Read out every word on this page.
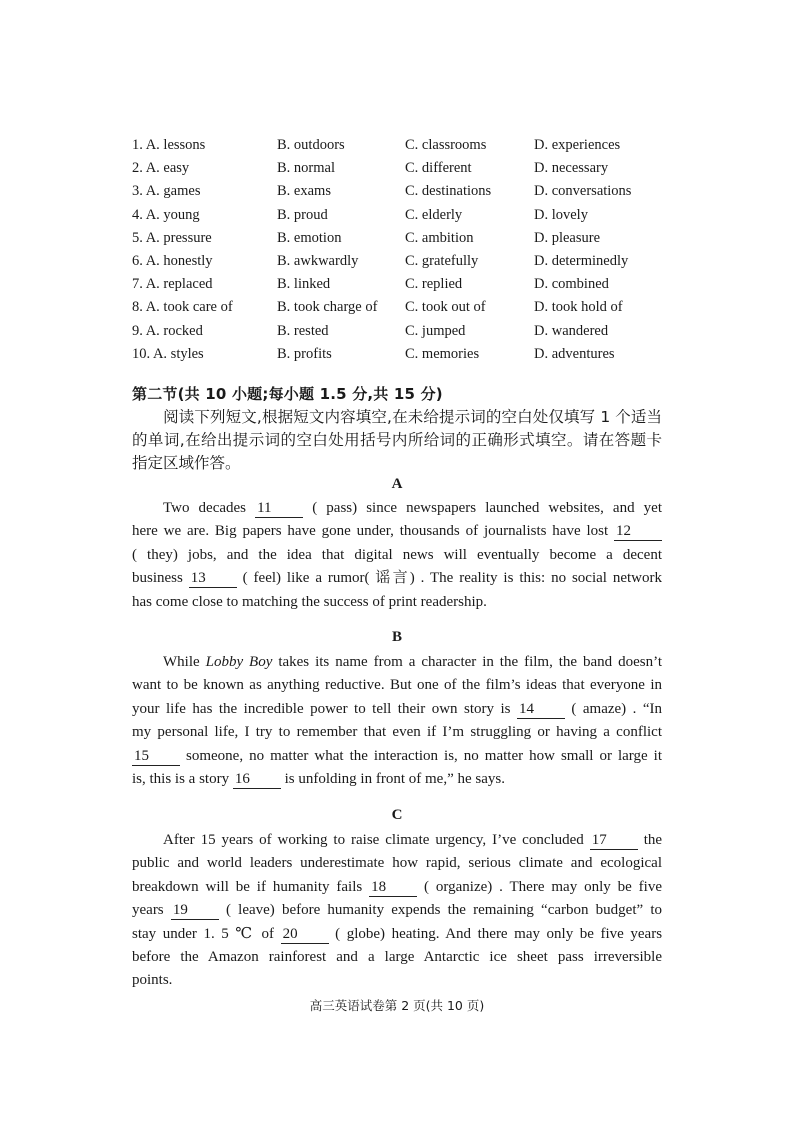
1. A. lessons	B. outdoors	C. classrooms	D. experiences
2. A. easy	B. normal	C. different	D. necessary
3. A. games	B. exams	C. destinations	D. conversations
4. A. young	B. proud	C. elderly	D. lovely
5. A. pressure	B. emotion	C. ambition	D. pleasure
6. A. honestly	B. awkwardly	C. gratefully	D. determinedly
7. A. replaced	B. linked	C. replied	D. combined
8. A. took care of	B. took charge of C. took out of	D. took hold of
9. A. rocked	B. rested	C. jumped	D. wandered
10. A. styles	B. profits	C. memories	D. adventures
第二节(共 10 小题;每小题 1.5 分,共 15 分)
阅读下列短文,根据短文内容填空,在未给提示词的空白处仅填写 1 个适当的单词,在给出提示词的空白处用括号内所给词的正确形式填空。请在答题卡指定区域作答。
A
Two decades 11	( pass) since newspapers launched websites, and yet
here we are. Big papers have gone under, thousands of journalists have lost 12
( they) jobs, and the idea that digital news will eventually become a decent
business 13 ( feel) like a rumor( 谣言) . The reality is this: no social network
has come close to matching the success of print readership.
B
While Lobby Boy takes its name from a character in the film, the band doesn’t
want to be known as anything reductive. But one of the film’s ideas that everyone in
your life has the incredible power to tell their own story is 14 ( amaze) . “In
my personal life, I try to remember that even if I’m struggling or having a conflict
15 someone, no matter what the interaction is, no matter how small or large it
is, this is a story 16 is unfolding in front of me,” he says.
C
After 15 years of working to raise climate urgency, I’ve concluded 17 the
public and world leaders underestimate how rapid, serious climate and ecological
breakdown will be if humanity fails 18	( organize) . There may only be five
years 19	( leave) before humanity expends the remaining “carbon budget” to
stay under 1. 5 ℃ of 20	( globe) heating. And there may only be five years
before the Amazon rainforest and a large Antarctic ice sheet pass irreversible
points.
高三英语试卷第 2 页(共 10 页)
